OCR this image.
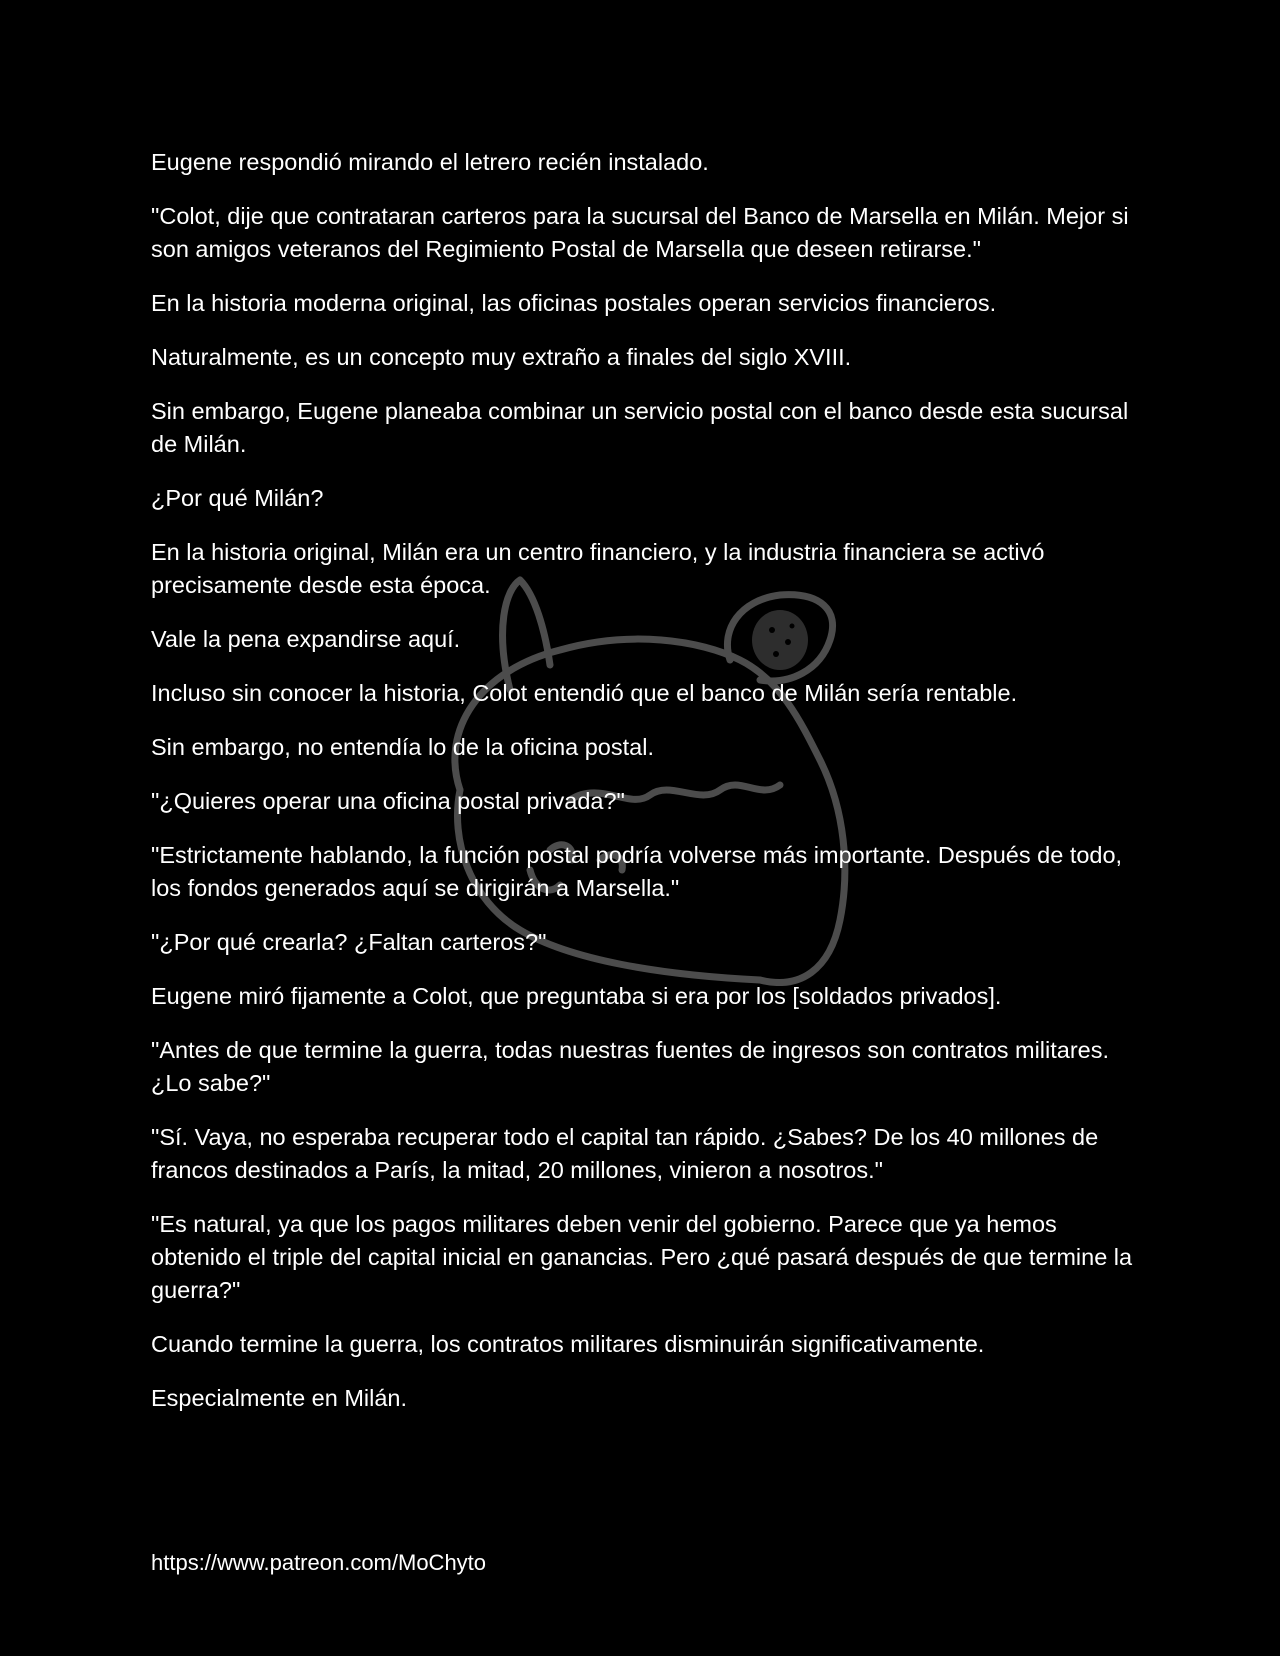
Eugene respondió mirando el letrero recién instalado.

"Colot, dije que contrataran carteros para la sucursal del Banco de Marsella en Milán. Mejor si son amigos veteranos del Regimiento Postal de Marsella que deseen retirarse."

En la historia moderna original, las oficinas postales operan servicios financieros.

Naturalmente, es un concepto muy extraño a finales del siglo XVIII.

Sin embargo, Eugene planeaba combinar un servicio postal con el banco desde esta sucursal de Milán.

¿Por qué Milán?

En la historia original, Milán era un centro financiero, y la industria financiera se activó precisamente desde esta época.

Vale la pena expandirse aquí.

Incluso sin conocer la historia, Colot entendió que el banco de Milán sería rentable.

Sin embargo, no entendía lo de la oficina postal.

"¿Quieres operar una oficina postal privada?"

"Estrictamente hablando, la función postal podría volverse más importante. Después de todo, los fondos generados aquí se dirigirán a Marsella."

"¿Por qué crearla? ¿Faltan carteros?"

Eugene miró fijamente a Colot, que preguntaba si era por los [soldados privados].

"Antes de que termine la guerra, todas nuestras fuentes de ingresos son contratos militares. ¿Lo sabe?"

"Sí. Vaya, no esperaba recuperar todo el capital tan rápido. ¿Sabes? De los 40 millones de francos destinados a París, la mitad, 20 millones, vinieron a nosotros."

"Es natural, ya que los pagos militares deben venir del gobierno. Parece que ya hemos obtenido el triple del capital inicial en ganancias. Pero ¿qué pasará después de que termine la guerra?"

Cuando termine la guerra, los contratos militares disminuirán significativamente.

Especialmente en Milán.

https://www.patreon.com/MoChyto
